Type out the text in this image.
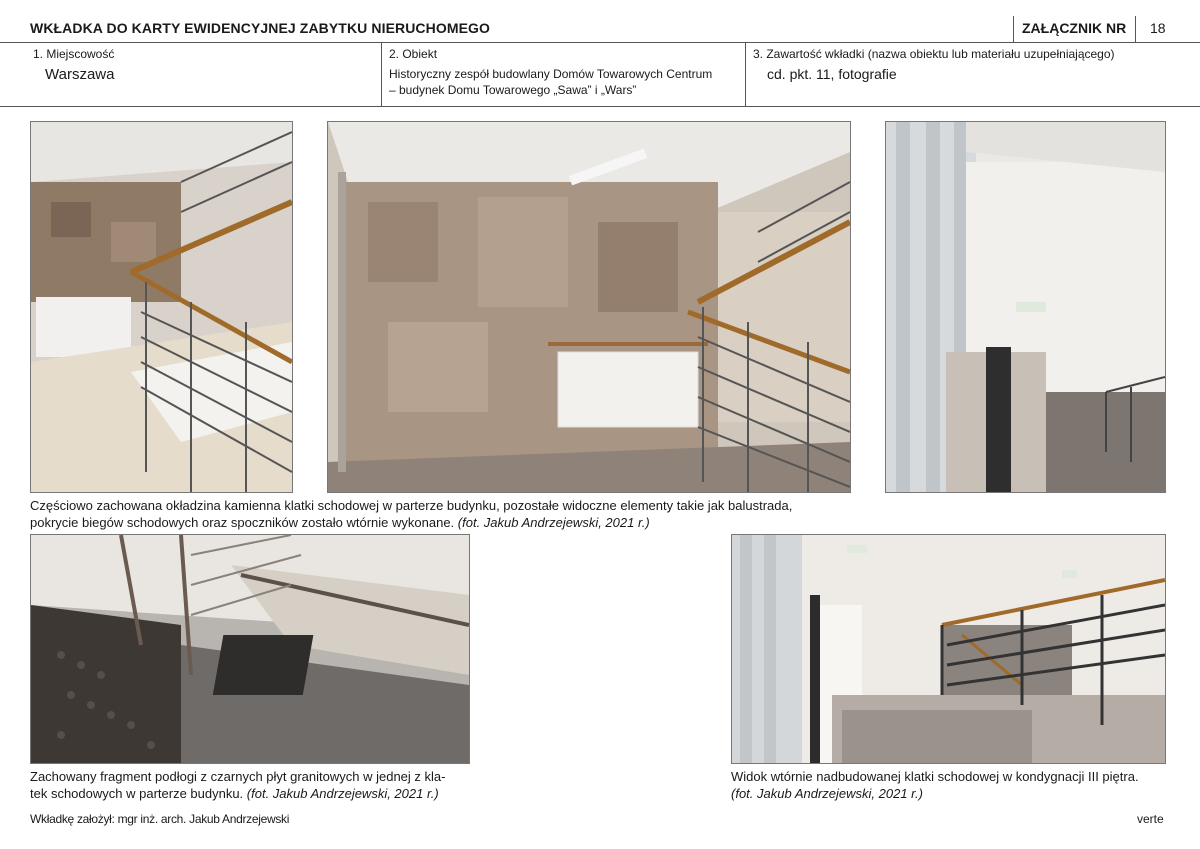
WKŁADKA DO KARTY EWIDENCYJNEJ ZABYTKU NIERUCHOMEGO	ZAŁĄCZNIK NR 18
1. Miejscowość
Warszawa
2. Obiekt
Historyczny zespół budowlany Domów Towarowych Centrum
– budynek Domu Towarowego „Sawa” i „Wars”
3. Zawartość wkładki (nazwa obiektu lub materiału uzupełniającego)
cd. pkt. 11, fotografie
Częściowo zachowana okładzina kamienna klatki schodowej w parterze budynku, pozostałe widoczne elementy takie jak balustrada,
pokrycie biegów schodowych oraz spoczników zostało wtórnie wykonane. (fot. Jakub Andrzejewski, 2021 r.)
Zachowany fragment podłogi z czarnych płyt granitowych w jednej z kla-
tek schodowych w parterze budynku. (fot. Jakub Andrzejewski, 2021 r.)
Widok wtórnie nadbudowanej klatki schodowej w kondygnacji III piętra.
(fot. Jakub Andrzejewski, 2021 r.)
Wkładkę założył: mgr inż. arch. Jakub Andrzejewski	verte
